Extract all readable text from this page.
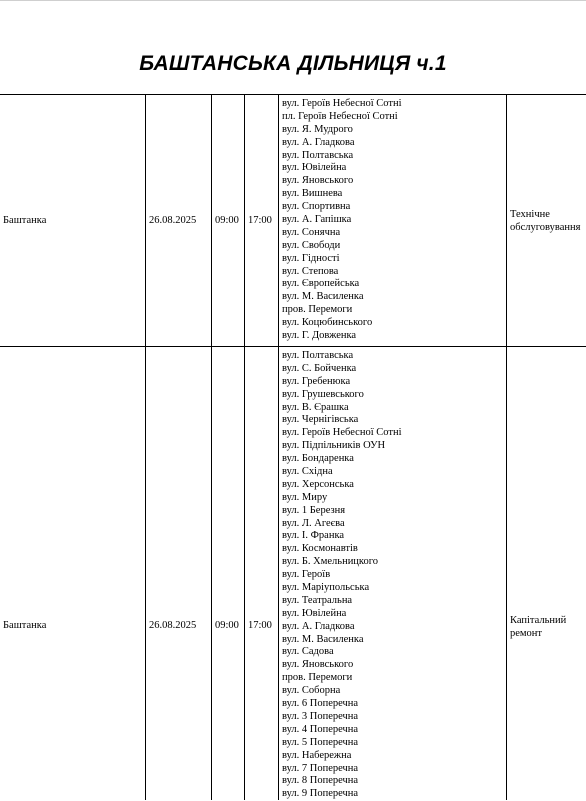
БАШТАНСЬКА ДІЛЬНИЦЯ ч.1
Баштанка	26.08.2025 09:00 17:00
вул. Героїв Небесної Сотні
пл. Героїв Небесної Сотні
вул. Я. Мудрого
вул. А. Гладкова
вул. Полтавська
вул. Ювілейна
вул. Яновського
вул. Вишнева
вул. Спортивна
вул. А. Гапішка
вул. Сонячна
вул. Свободи
вул. Гідності
вул. Степова
вул. Європейська
вул. М. Василенка
пров. Перемоги
вул. Коцюбинського
вул. Г. Довженка
Технічне
обслуговування
Баштанка	26.08.2025 09:00 17:00
вул. Полтавська
вул. С. Бойченка
вул. Гребенюка
вул. Грушевського
вул. В. Єрашка
вул. Чернігівська
вул. Героїв Небесної Сотні
вул. Підпільників ОУН
вул. Бондаренка
вул. Східна
вул. Херсонська
вул. Миру
вул. 1 Березня
вул. Л. Агеєва
вул. І. Франка
вул. Космонавтів
вул. Б. Хмельницкого
вул. Героїв
вул. Маріупольська
вул. Театральна
вул. Ювілейна
вул. А. Гладкова
вул. М. Василенка
вул. Садова
вул. Яновського
пров. Перемоги
вул. Соборна
вул. 6 Поперечна
вул. 3 Поперечна
вул. 4 Поперечна
вул. 5 Поперечна
вул. Набережна
вул. 7 Поперечна
вул. 8 Поперечна
вул. 9 Поперечна
Капітальний
ремонт
